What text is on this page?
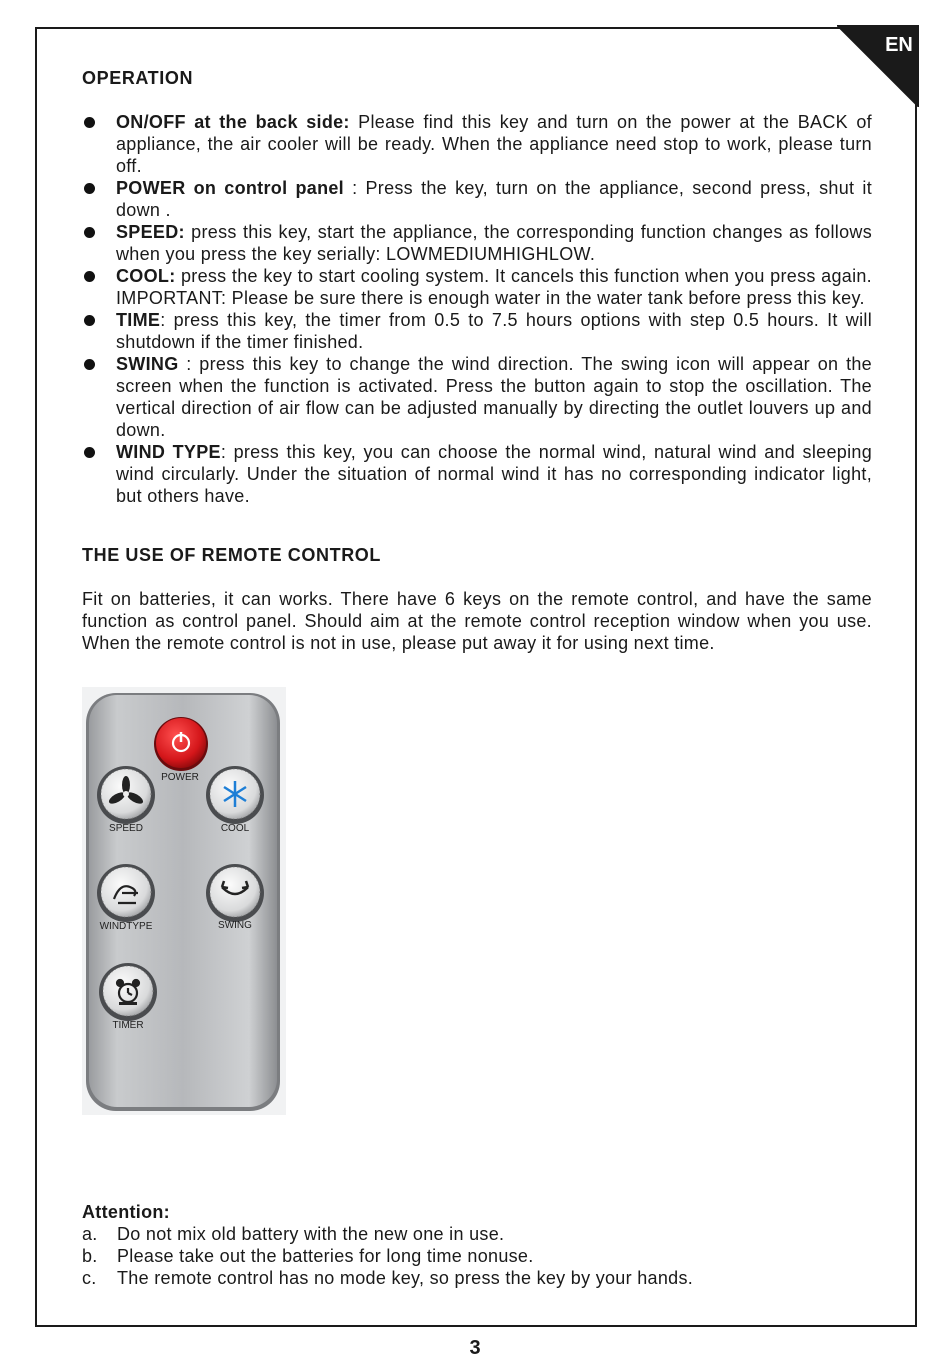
EN
OPERATION
ON/OFF at the back side: Please find this key and turn on the power at the BACK of appliance, the air cooler will be ready. When the appliance need stop to work, please turn off.
POWER on control panel : Press the key, turn on the appliance, second press, shut it down .
SPEED: press this key, start the appliance, the corresponding function changes as follows when you press the key serially: LOWMEDIUMHIGHLOW.
COOL: press the key to start cooling system. It cancels this function when you press again. IMPORTANT: Please be sure there is enough water in the water tank before press this key.
TIME: press this key, the timer from 0.5 to 7.5 hours options with step 0.5 hours. It will shutdown if the timer finished.
SWING : press this key to change the wind direction. The swing icon will appear on the screen when the function is activated. Press the button again to stop the oscillation. The vertical direction of air flow can be adjusted manually by directing the outlet louvers up and down.
WIND TYPE: press this key, you can choose the normal wind, natural wind and sleeping wind circularly. Under the situation of normal wind it has no corresponding indicator light, but others have.
THE USE OF REMOTE CONTROL
Fit on batteries, it can works. There have 6 keys on the remote control, and have the same function as control panel. Should aim at the remote control reception window when you use. When the remote control is not in use, please put away it for using next time.
POWER
SPEED	COOL
WINDTYPE	SWING
TIMER
Attention:
a.	Do not mix old battery with the new one in use.
b.	Please take out the batteries for long time nonuse.
c.	The remote control has no mode key, so press the key by your hands.
3
